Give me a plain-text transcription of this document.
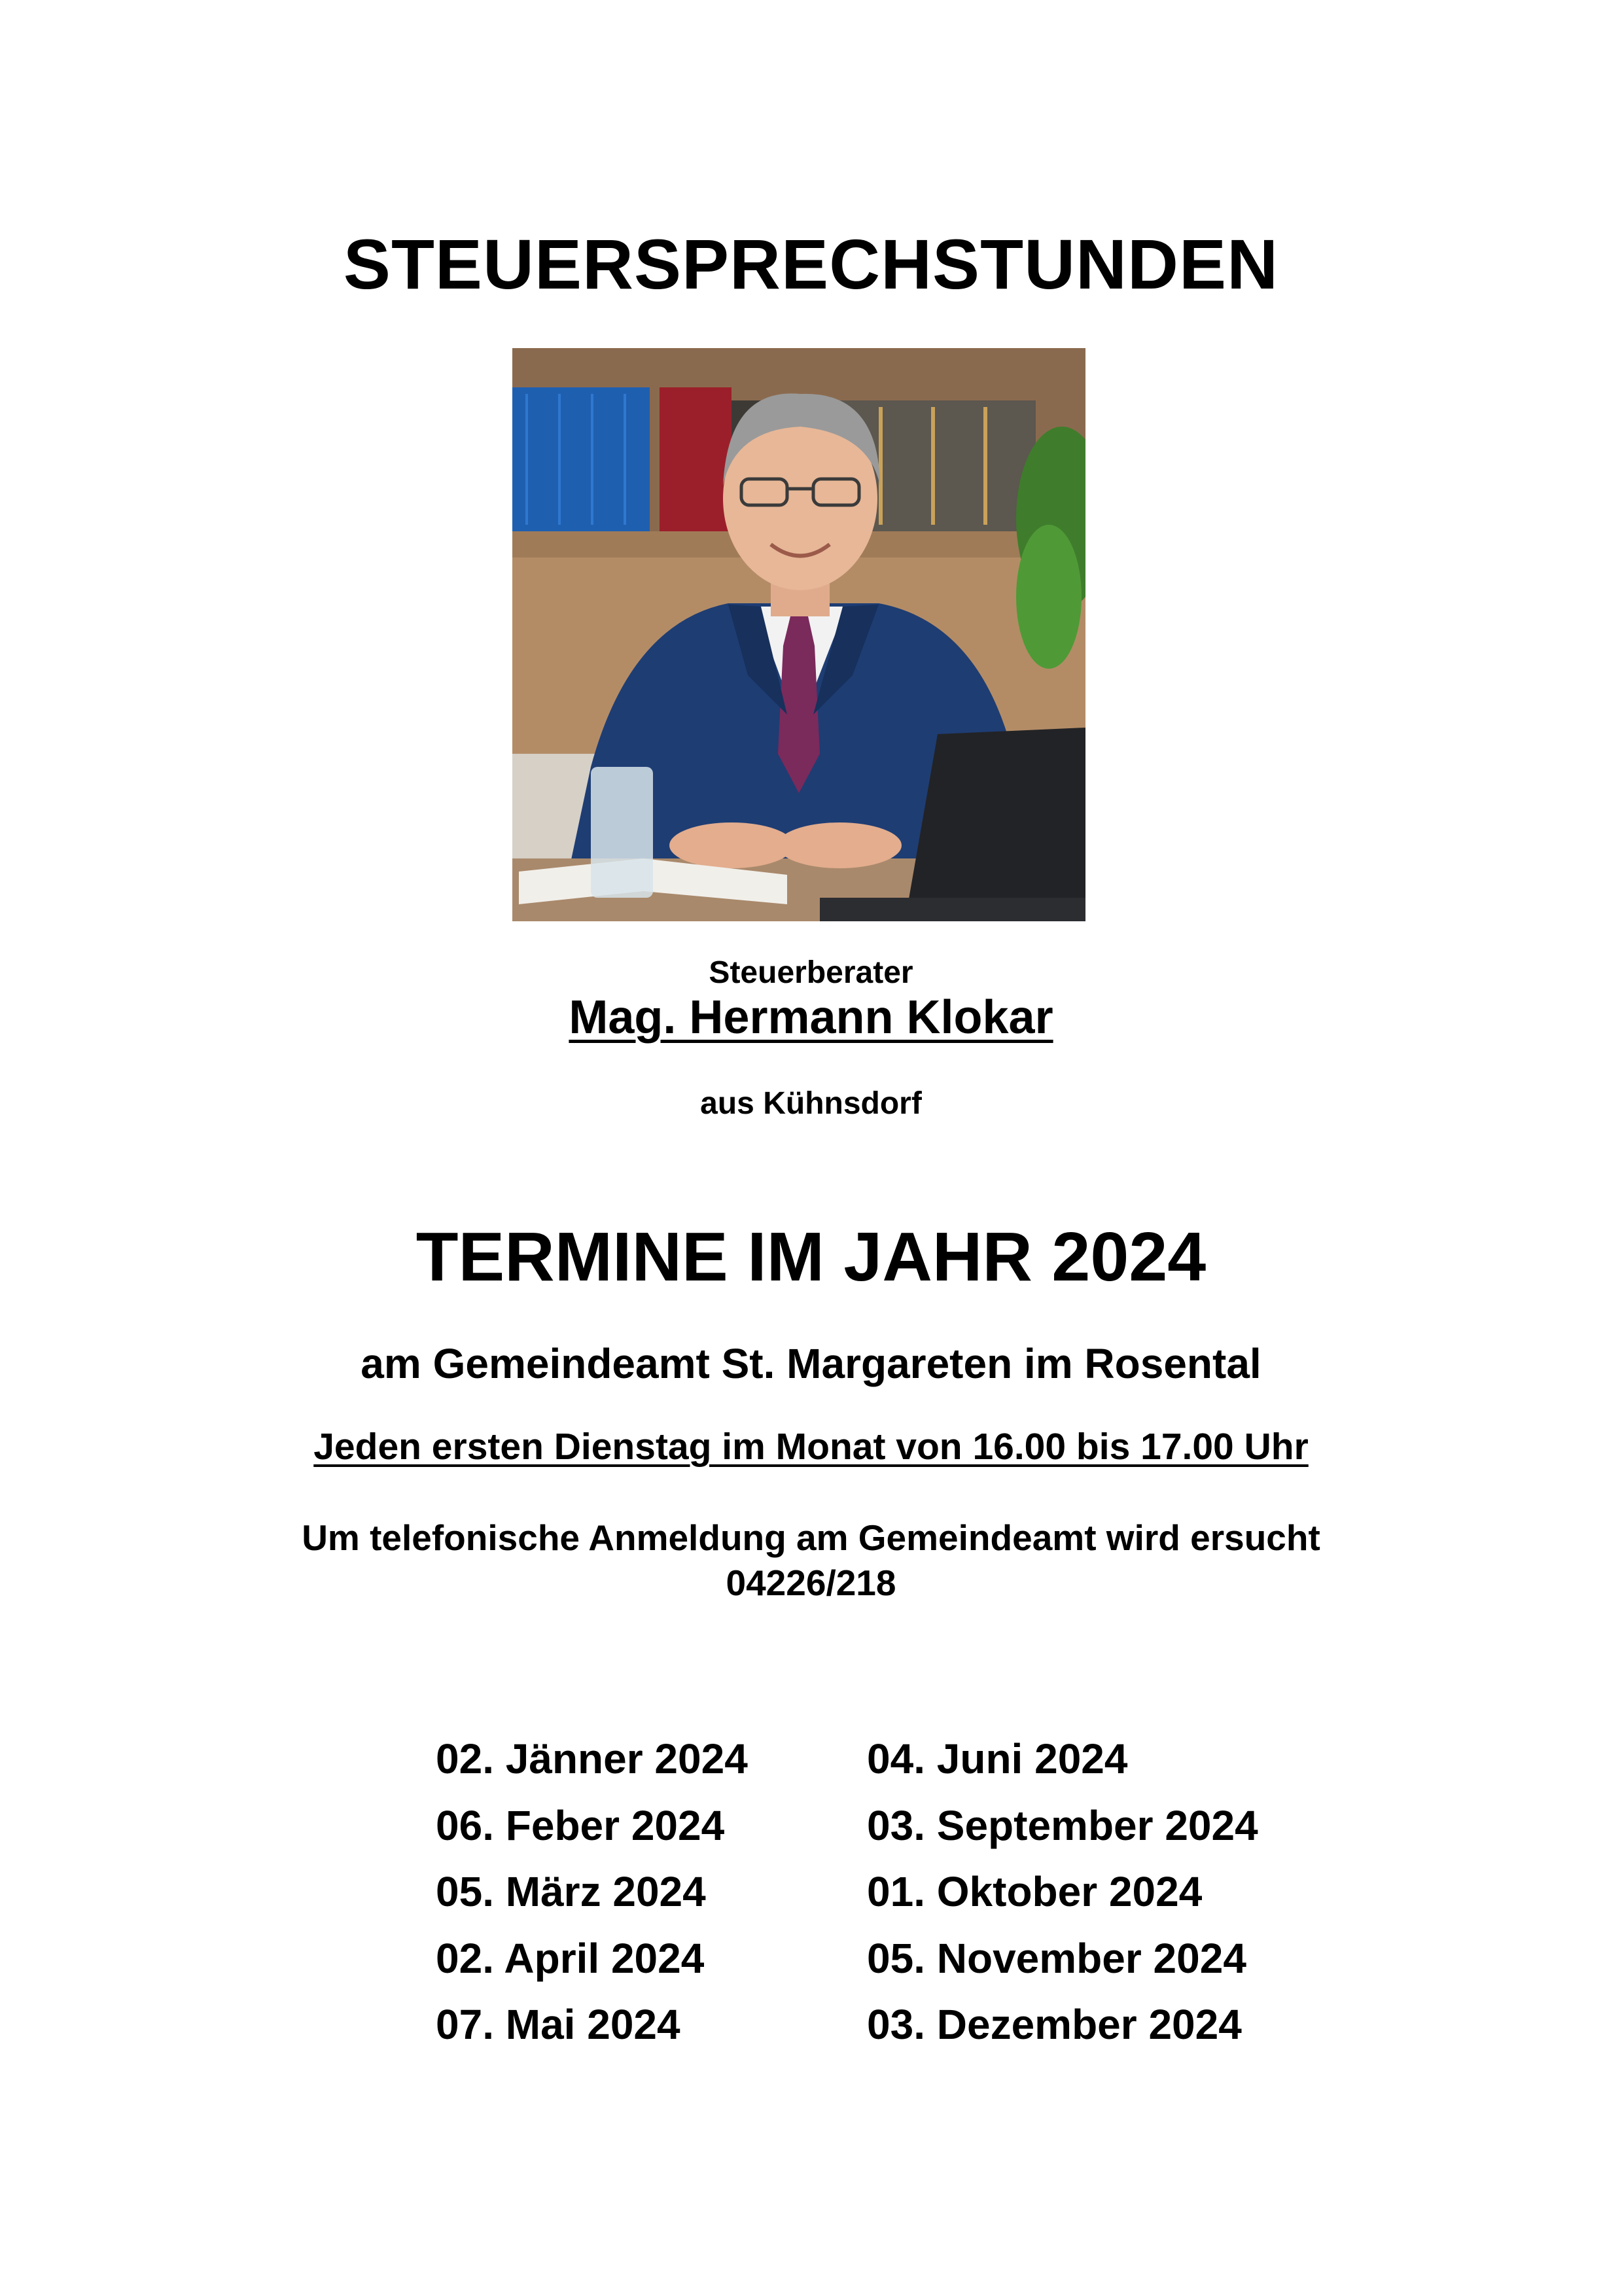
STEUERSPRECHSTUNDEN
Steuerberater
Mag. Hermann Klokar
aus Kühnsdorf
TERMINE IM JAHR 2024
am Gemeindeamt St. Margareten im Rosental
Jeden ersten Dienstag im Monat von 16.00 bis 17.00 Uhr
Um telefonische Anmeldung am Gemeindeamt wird ersucht
04226/218
02. Jänner 2024
06. Feber 2024
05. März 2024
02. April 2024
07. Mai 2024
04. Juni 2024
03. September 2024
01. Oktober 2024
05. November 2024
03. Dezember 2024
